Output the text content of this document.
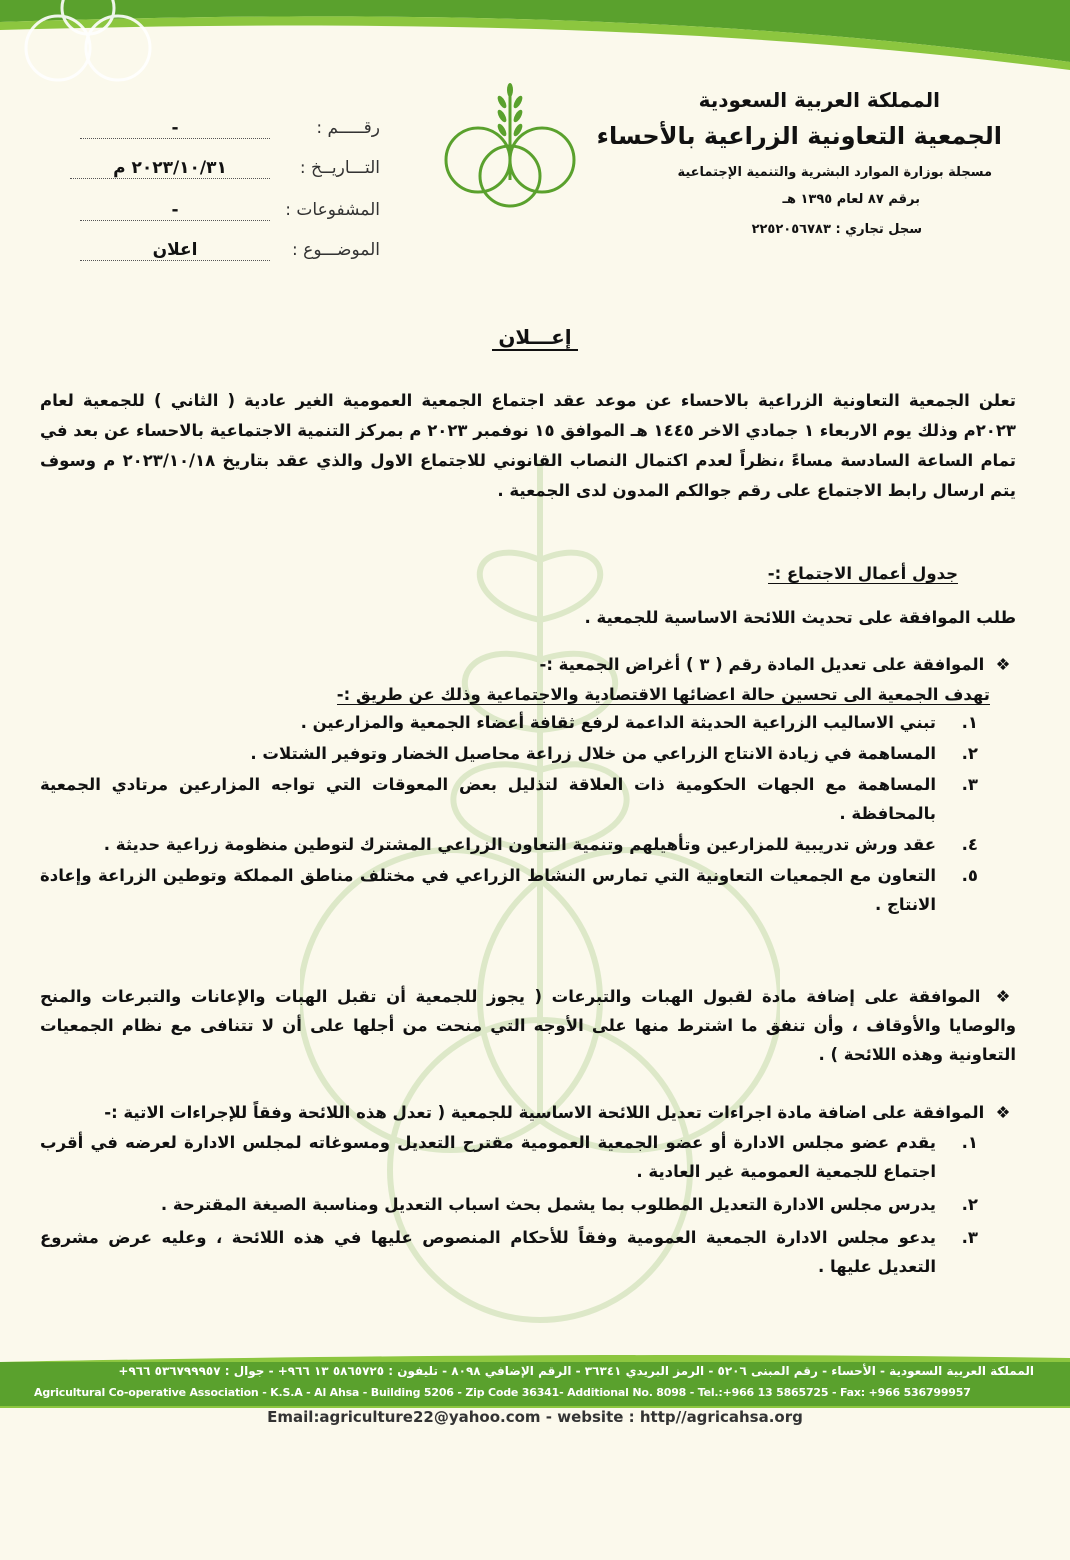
المملكة العربية السعودية
الجمعية التعاونية الزراعية بالأحساء
مسجلة بوزارة الموارد البشرية والتنمية الإجتماعية
برقم ٨٧ لعام ١٣٩٥ هـ
سجل تجاري : ٢٢٥٢٠٥٦٧٨٣
رقـــــم :
-
التـــاريــخ :
٢٠٢٣/١٠/٣١ م
المشفوعات :
-
الموضـــوع :
اعلان
إعـــلان
تعلن الجمعية التعاونية الزراعية بالاحساء عن موعد عقد اجتماع الجمعية العمومية الغير عادية ( الثاني ) للجمعية لعام ٢٠٢٣م وذلك يوم الاربعاء ١ جمادي الاخر ١٤٤٥ هـ الموافق ١٥ نوفمبر ٢٠٢٣ م بمركز التنمية الاجتماعية بالاحساء عن بعد في تمام الساعة السادسة مساءً ،نظراً لعدم اكتمال النصاب القانوني للاجتماع الاول والذي عقد بتاريخ ٢٠٢٣/١٠/١٨ م وسوف يتم ارسال رابط الاجتماع على رقم جوالكم المدون لدى الجمعية .
جدول أعمال الاجتماع :-
طلب الموافقة على تحديث اللائحة الاساسية للجمعية .
❖ الموافقة على تعديل المادة رقم ( ٣ ) أغراض الجمعية :-
تهدف الجمعية الى تحسين حالة اعضائها الاقتصادية والاجتماعية وذلك عن طريق :-
١.
تبني الاساليب الزراعية الحديثة الداعمة لرفع ثقافة أعضاء الجمعية والمزارعين .
٢.
المساهمة في زيادة الانتاج الزراعي من خلال زراعة محاصيل الخضار وتوفير الشتلات .
٣.
المساهمة مع الجهات الحكومية ذات العلاقة لتذليل بعض المعوقات التي تواجه المزارعين مرتادي الجمعية بالمحافظة .
٤.
عقد ورش تدريبية للمزارعين وتأهيلهم وتنمية التعاون الزراعي المشترك لتوطين منظومة زراعية حديثة .
٥.
التعاون مع الجمعيات التعاونية التي تمارس النشاط الزراعي في مختلف مناطق المملكة وتوطين الزراعة وإعادة الانتاج .
❖ الموافقة على إضافة مادة لقبول الهبات والتبرعات ( يجوز للجمعية أن تقبل الهبات والإعانات والتبرعات والمنح والوصايا والأوقاف ، وأن تنفق ما اشترط منها على الأوجه التي منحت من أجلها على أن لا تتنافى مع نظام الجمعيات التعاونية وهذه اللائحة ) .
❖ الموافقة على اضافة مادة اجراءات تعديل اللائحة الاساسية للجمعية ( تعدل هذه اللائحة وفقاً للإجراءات الاتية :-
١.
يقدم عضو مجلس الادارة أو عضو الجمعية العمومية مقترح التعديل ومسوغاته لمجلس الادارة لعرضه في أقرب اجتماع للجمعية العمومية غير العادية .
٢.
يدرس مجلس الادارة التعديل المطلوب بما يشمل بحث اسباب التعديل ومناسبة الصيغة المقترحة .
٣.
يدعو مجلس الادارة الجمعية العمومية وفقاً للأحكام المنصوص عليها في هذه اللائحة ، وعليه عرض مشروع التعديل عليها .
المملكة العربية السعودية - الأحساء - رقم المبنى ٥٢٠٦ - الرمز البريدي ٣٦٣٤١ - الرقم الإضافي ٨٠٩٨ - تليفون : ٥٨٦٥٧٢٥ ١٣ ٩٦٦+ - جوال : ٥٣٦٧٩٩٩٥٧ ٩٦٦+
Agricultural Co-operative Association - K.S.A - Al Ahsa - Building 5206 - Zip Code 36341- Additional No. 8098 - Tel.:+966 13 5865725 - Fax: +966 536799957
Email:agriculture22@yahoo.com - website : http//agricahsa.org
